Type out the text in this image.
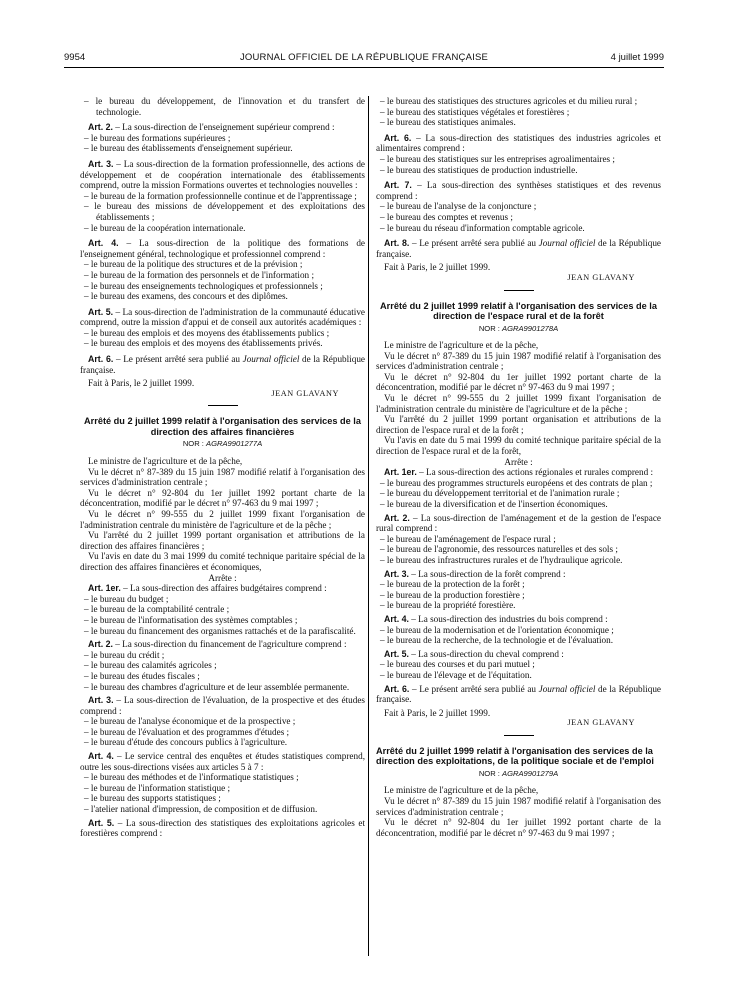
9954	JOURNAL OFFICIEL DE LA RÉPUBLIQUE FRANÇAISE	4 juillet 1999

– le bureau du développement, de l'innovation et du transfert de technologie.

Art. 2. – La sous-direction de l'enseignement supérieur comprend :

– le bureau des formations supérieures ;

– le bureau des établissements d'enseignement supérieur.

Art. 3. – La sous-direction de la formation professionnelle, des actions de développement et de coopération internationale des établissements comprend, outre la mission Formations ouvertes et technologies nouvelles :

– le bureau de la formation professionnelle continue et de l'apprentissage ;

– le bureau des missions de développement et des exploitations des établissements ;

– le bureau de la coopération internationale.

Art. 4. – La sous-direction de la politique des formations de l'enseignement général, technologique et professionnel comprend :

– le bureau de la politique des structures et de la prévision ;

– le bureau de la formation des personnels et de l'information ;

– le bureau des enseignements technologiques et professionnels ;

– le bureau des examens, des concours et des diplômes.

Art. 5. – La sous-direction de l'administration de la communauté éducative comprend, outre la mission d'appui et de conseil aux autorités académiques :

– le bureau des emplois et des moyens des établissements publics ;

– le bureau des emplois et des moyens des établissements privés.

Art. 6. – Le présent arrêté sera publié au Journal officiel de la République française.

Fait à Paris, le 2 juillet 1999.

JEAN GLAVANY

Arrêté du 2 juillet 1999 relatif à l'organisation des services de la direction des affaires financières
NOR : AGRA9901277A

Le ministre de l'agriculture et de la pêche,

Vu le décret n° 87-389 du 15 juin 1987 modifié relatif à l'organisation des services d'administration centrale ;

Vu le décret n° 92-804 du 1er juillet 1992 portant charte de la déconcentration, modifié par le décret n° 97-463 du 9 mai 1997 ;

Vu le décret n° 99-555 du 2 juillet 1999 fixant l'organisation de l'administration centrale du ministère de l'agriculture et de la pêche ;

Vu l'arrêté du 2 juillet 1999 portant organisation et attributions de la direction des affaires financières ;

Vu l'avis en date du 3 mai 1999 du comité technique paritaire spécial de la direction des affaires financières et économiques,

Arrête :

Art. 1er. – La sous-direction des affaires budgétaires comprend :

– le bureau du budget ;

– le bureau de la comptabilité centrale ;

– le bureau de l'informatisation des systèmes comptables ;

– le bureau du financement des organismes rattachés et de la parafiscalité.

Art. 2. – La sous-direction du financement de l'agriculture comprend :

– le bureau du crédit ;

– le bureau des calamités agricoles ;

– le bureau des études fiscales ;

– le bureau des chambres d'agriculture et de leur assemblée permanente.

Art. 3. – La sous-direction de l'évaluation, de la prospective et des études comprend :

– le bureau de l'analyse économique et de la prospective ;

– le bureau de l'évaluation et des programmes d'études ;

– le bureau d'étude des concours publics à l'agriculture.

Art. 4. – Le service central des enquêtes et études statistiques comprend, outre les sous-directions visées aux articles 5 à 7 :

– le bureau des méthodes et de l'informatique statistiques ;

– le bureau de l'information statistique ;

– le bureau des supports statistiques ;

– l'atelier national d'impression, de composition et de diffusion.

Art. 5. – La sous-direction des statistiques des exploitations agricoles et forestières comprend :

– le bureau des statistiques des structures agricoles et du milieu rural ;

– le bureau des statistiques végétales et forestières ;

– le bureau des statistiques animales.

Art. 6. – La sous-direction des statistiques des industries agricoles et alimentaires comprend :

– le bureau des statistiques sur les entreprises agroalimentaires ;

– le bureau des statistiques de production industrielle.

Art. 7. – La sous-direction des synthèses statistiques et des revenus comprend :

– le bureau de l'analyse de la conjoncture ;

– le bureau des comptes et revenus ;

– le bureau du réseau d'information comptable agricole.

Art. 8. – Le présent arrêté sera publié au Journal officiel de la République française.

Fait à Paris, le 2 juillet 1999.

JEAN GLAVANY

Arrêté du 2 juillet 1999 relatif à l'organisation des services de la direction de l'espace rural et de la forêt
NOR : AGRA9901278A

Le ministre de l'agriculture et de la pêche,

Vu le décret n° 87-389 du 15 juin 1987 modifié relatif à l'organisation des services d'administration centrale ;

Vu le décret n° 92-804 du 1er juillet 1992 portant charte de la déconcentration, modifié par le décret n° 97-463 du 9 mai 1997 ;

Vu le décret n° 99-555 du 2 juillet 1999 fixant l'organisation de l'administration centrale du ministère de l'agriculture et de la pêche ;

Vu l'arrêté du 2 juillet 1999 portant organisation et attributions de la direction de l'espace rural et de la forêt ;

Vu l'avis en date du 5 mai 1999 du comité technique paritaire spécial de la direction de l'espace rural et de la forêt,

Arrête :

Art. 1er. – La sous-direction des actions régionales et rurales comprend :

– le bureau des programmes structurels européens et des contrats de plan ;

– le bureau du développement territorial et de l'animation rurale ;

– le bureau de la diversification et de l'insertion économiques.

Art. 2. – La sous-direction de l'aménagement et de la gestion de l'espace rural comprend :

– le bureau de l'aménagement de l'espace rural ;

– le bureau de l'agronomie, des ressources naturelles et des sols ;

– le bureau des infrastructures rurales et de l'hydraulique agricole.

Art. 3. – La sous-direction de la forêt comprend :

– le bureau de la protection de la forêt ;

– le bureau de la production forestière ;

– le bureau de la propriété forestière.

Art. 4. – La sous-direction des industries du bois comprend :

– le bureau de la modernisation et de l'orientation économique ;

– le bureau de la recherche, de la technologie et de l'évaluation.

Art. 5. – La sous-direction du cheval comprend :

– le bureau des courses et du pari mutuel ;

– le bureau de l'élevage et de l'équitation.

Art. 6. – Le présent arrêté sera publié au Journal officiel de la République française.

Fait à Paris, le 2 juillet 1999.

JEAN GLAVANY

Arrêté du 2 juillet 1999 relatif à l'organisation des services de la direction des exploitations, de la politique sociale et de l'emploi
NOR : AGRA9901279A

Le ministre de l'agriculture et de la pêche,

Vu le décret n° 87-389 du 15 juin 1987 modifié relatif à l'organisation des services d'administration centrale ;

Vu le décret n° 92-804 du 1er juillet 1992 portant charte de la déconcentration, modifié par le décret n° 97-463 du 9 mai 1997 ;
